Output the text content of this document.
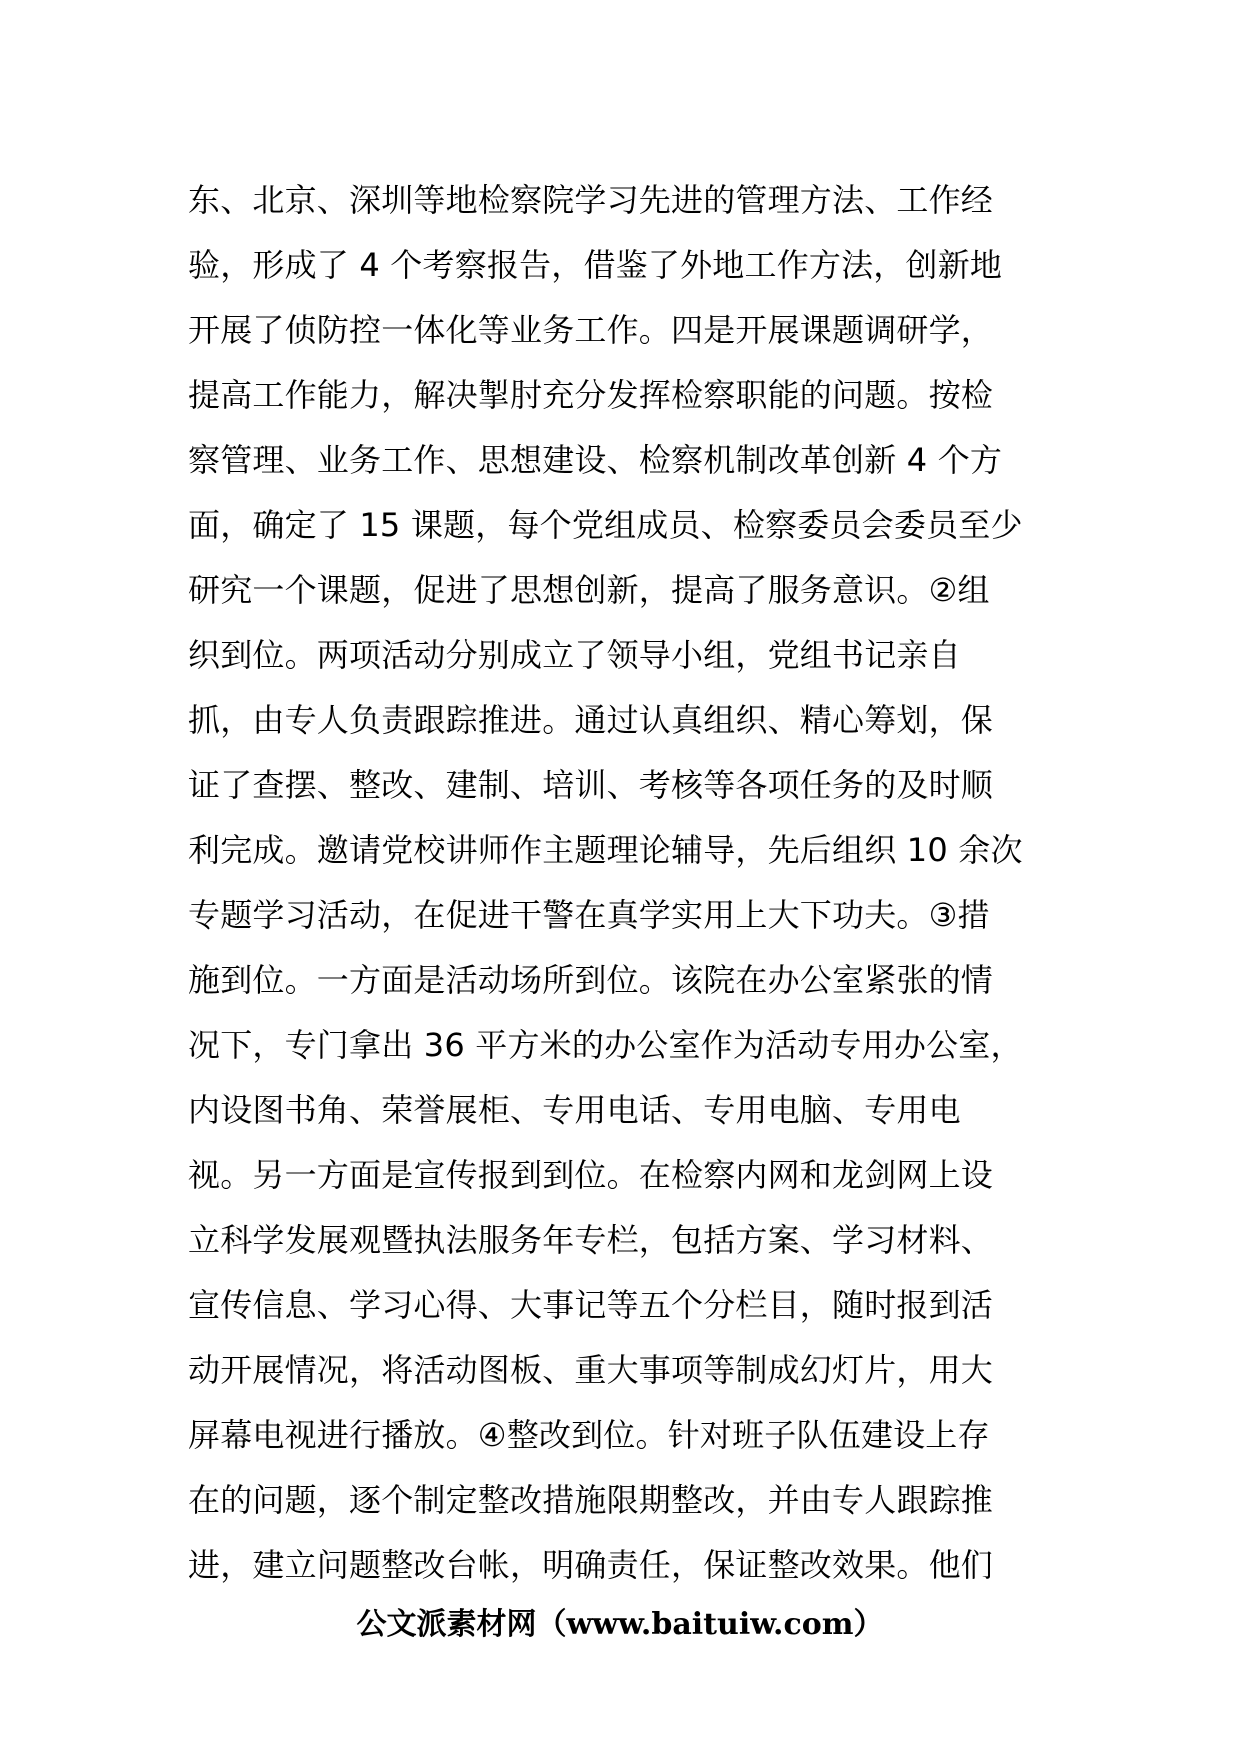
东、北京、深圳等地检察院学习先进的管理方法、工作经
验，形成了 4 个考察报告，借鉴了外地工作方法，创新地
开展了侦防控一体化等业务工作。四是开展课题调研学，
提高工作能力，解决掣肘充分发挥检察职能的问题。按检
察管理、业务工作、思想建设、检察机制改革创新 4 个方
面，确定了 15 课题，每个党组成员、检察委员会委员至少
研究一个课题，促进了思想创新，提高了服务意识。②组
织到位。两项活动分别成立了领导小组，党组书记亲自
抓，由专人负责跟踪推进。通过认真组织、精心筹划，保
证了查摆、整改、建制、培训、考核等各项任务的及时顺
利完成。邀请党校讲师作主题理论辅导，先后组织 10 余次
专题学习活动，在促进干警在真学实用上大下功夫。③措
施到位。一方面是活动场所到位。该院在办公室紧张的情
况下，专门拿出 36 平方米的办公室作为活动专用办公室，
内设图书角、荣誉展柜、专用电话、专用电脑、专用电
视。另一方面是宣传报到到位。在检察内网和龙剑网上设
立科学发展观暨执法服务年专栏，包括方案、学习材料、
宣传信息、学习心得、大事记等五个分栏目，随时报到活
动开展情况，将活动图板、重大事项等制成幻灯片，用大
屏幕电视进行播放。④整改到位。针对班子队伍建设上存
在的问题，逐个制定整改措施限期整改，并由专人跟踪推
进，建立问题整改台帐，明确责任，保证整改效果。他们
公文派素材网（www.baituiw.com）
